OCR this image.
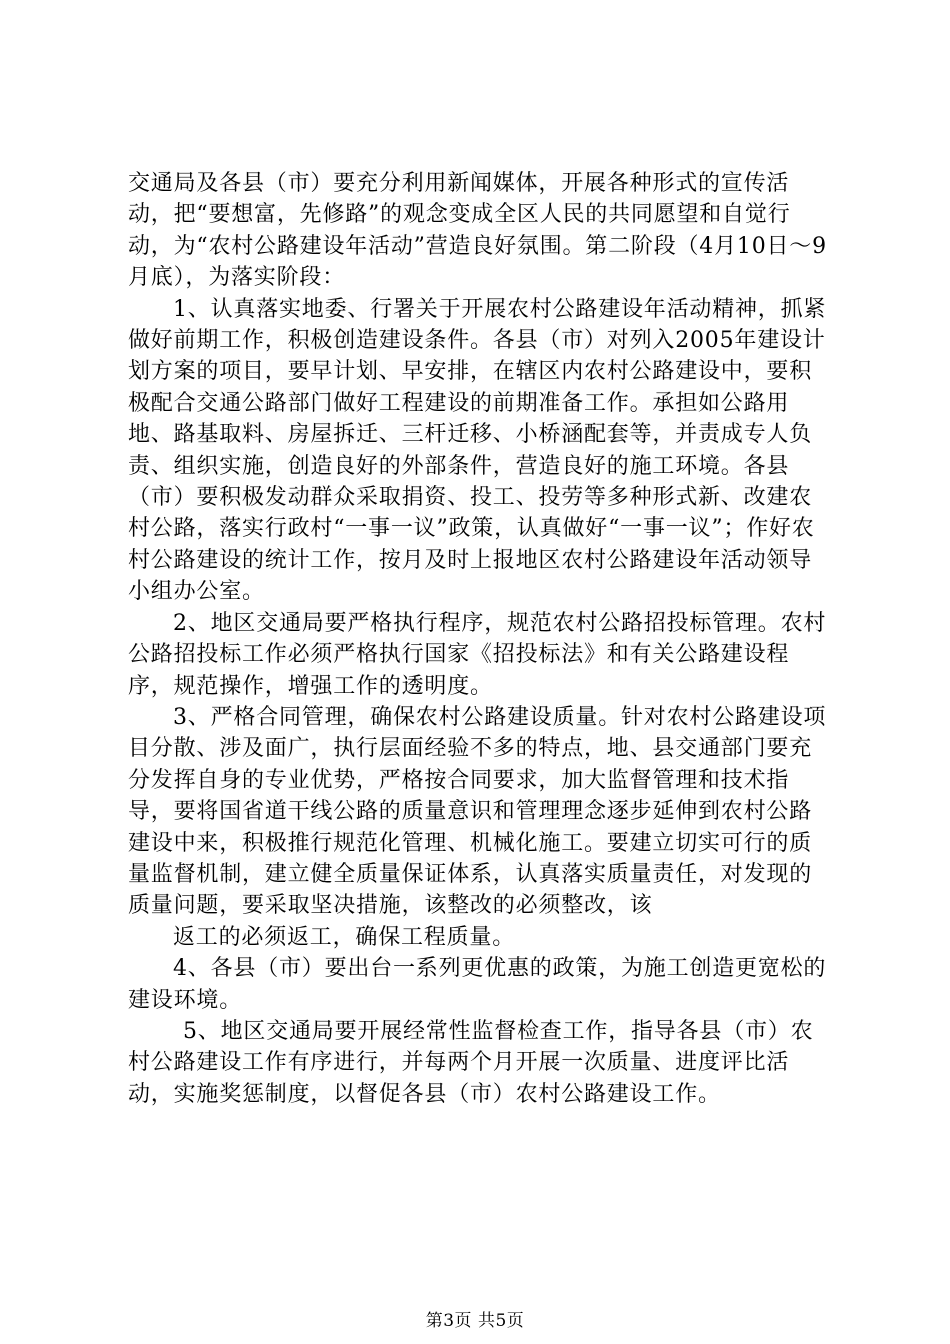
交通局及各县（市）要充分利用新闻媒体，开展各种形式的宣传活动，把“要想富，先修路”的观念变成全区人民的共同愿望和自觉行动，为“农村公路建设年活动”营造良好氛围。第二阶段（4月10日～9月底），为落实阶段：

1、认真落实地委、行署关于开展农村公路建设年活动精神，抓紧做好前期工作，积极创造建设条件。各县（市）对列入2005年建设计划方案的项目，要早计划、早安排，在辖区内农村公路建设中，要积极配合交通公路部门做好工程建设的前期准备工作。承担如公路用地、路基取料、房屋拆迁、三杆迁移、小桥涵配套等，并责成专人负责、组织实施，创造良好的外部条件，营造良好的施工环境。各县（市）要积极发动群众采取捐资、投工、投劳等多种形式新、改建农村公路，落实行政村“一事一议”政策，认真做好“一事一议”；作好农村公路建设的统计工作，按月及时上报地区农村公路建设年活动领导小组办公室。

2、地区交通局要严格执行程序，规范农村公路招投标管理。农村公路招投标工作必须严格执行国家《招投标法》和有关公路建设程序，规范操作，增强工作的透明度。

3、严格合同管理，确保农村公路建设质量。针对农村公路建设项目分散、涉及面广，执行层面经验不多的特点，地、县交通部门要充分发挥自身的专业优势，严格按合同要求，加大监督管理和技术指导，要将国省道干线公路的质量意识和管理理念逐步延伸到农村公路建设中来，积极推行规范化管理、机械化施工。要建立切实可行的质量监督机制，建立健全质量保证体系，认真落实质量责任，对发现的质量问题，要采取坚决措施，该整改的必须整改，该

返工的必须返工，确保工程质量。

4、各县（市）要出台一系列更优惠的政策，为施工创造更宽松的建设环境。

5、地区交通局要开展经常性监督检查工作，指导各县（市）农村公路建设工作有序进行，并每两个月开展一次质量、进度评比活动，实施奖惩制度，以督促各县（市）农村公路建设工作。

第3页 共5页
